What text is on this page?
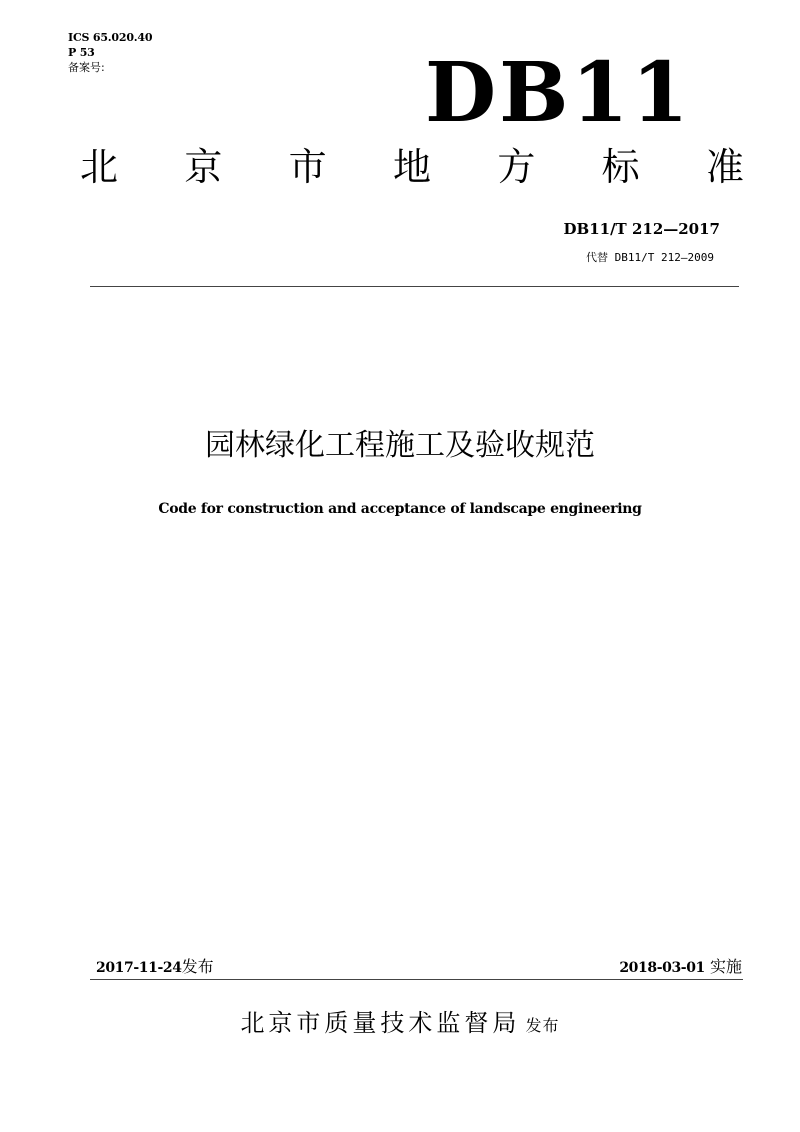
ICS 65.020.40
P 53
备案号:	DB11
北 京 市 地 方 标 准
DB11/T 212—2017
代替 DB11/T 212—2009
园林绿化工程施工及验收规范
Code for construction and acceptance of landscape engineering
2017-11-24发布	2018-03-01 实施
北京市质量技术监督局 发布
